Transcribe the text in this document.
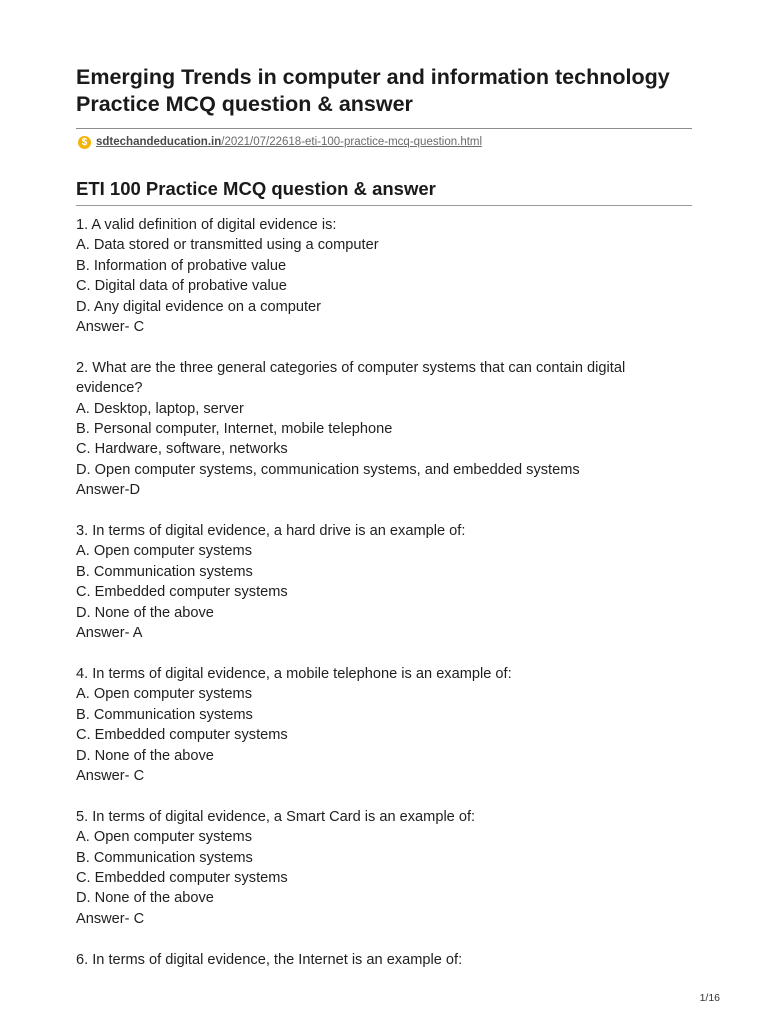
Emerging Trends in computer and information technology Practice MCQ question & answer
$ sdtechandeducation.in/2021/07/22618-eti-100-practice-mcq-question.html
ETI 100 Practice MCQ question & answer
1. A valid definition of digital evidence is:
A. Data stored or transmitted using a computer
B. Information of probative value
C. Digital data of probative value
D. Any digital evidence on a computer
Answer- C
2. What are the three general categories of computer systems that can contain digital evidence?
A. Desktop, laptop, server
B. Personal computer, Internet, mobile telephone
C. Hardware, software, networks
D. Open computer systems, communication systems, and embedded systems
Answer-D
3. In terms of digital evidence, a hard drive is an example of:
A. Open computer systems
B. Communication systems
C. Embedded computer systems
D. None of the above
Answer- A
4. In terms of digital evidence, a mobile telephone is an example of:
A. Open computer systems
B. Communication systems
C. Embedded computer systems
D. None of the above
Answer- C
5. In terms of digital evidence, a Smart Card is an example of:
A. Open computer systems
B. Communication systems
C. Embedded computer systems
D. None of the above
Answer- C
6. In terms of digital evidence, the Internet is an example of:
1/16
